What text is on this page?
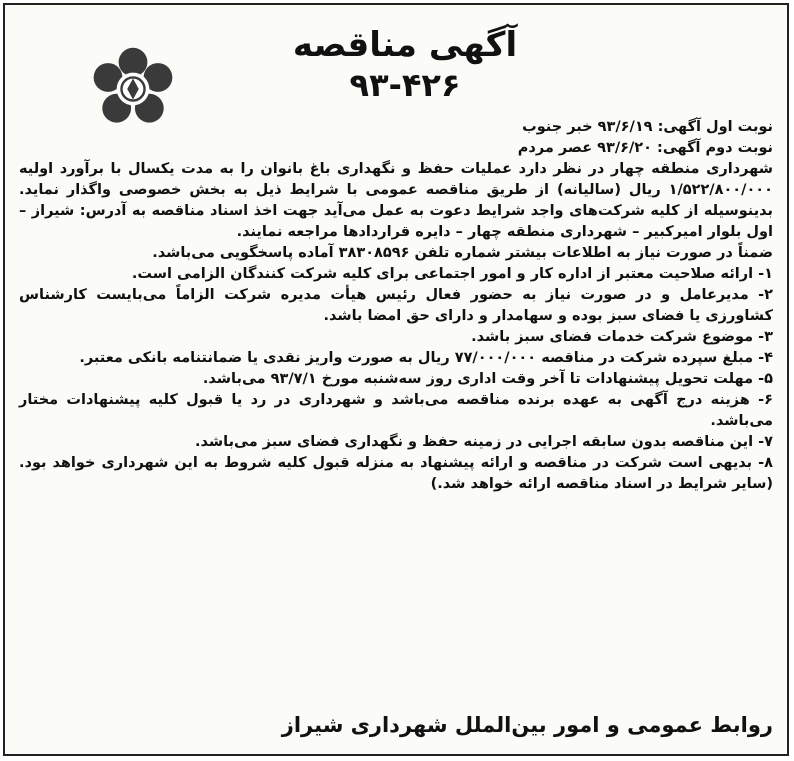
آگهی مناقصه
۹۳-۴۲۶

نوبت اول آگهی: ۹۳/۶/۱۹ خبر جنوب

نوبت دوم آگهی: ۹۳/۶/۲۰ عصر مردم

شهرداری منطقه چهار در نظر دارد عملیات حفظ و نگهداری باغ بانوان را به مدت یکسال با برآورد اولیه ۱/۵۲۲/۸۰۰/۰۰۰ ریال (سالیانه) از طریق مناقصه عمومی با شرایط ذیل به بخش خصوصی واگذار نماید. بدینوسیله از کلیه شرکت‌های واجد شرایط دعوت به عمل می‌آید جهت اخذ اسناد مناقصه به آدرس: شیراز – اول بلوار امیرکبیر – شهرداری منطقه چهار – دایره قراردادها مراجعه نمایند.

ضمناً در صورت نیاز به اطلاعات بیشتر شماره تلفن ۳۸۳۰۸۵۹۶ آماده پاسخگویی می‌باشد.

۱- ارائه صلاحیت معتبر از اداره کار و امور اجتماعی برای کلیه شرکت کنندگان الزامی است.

۲- مدیرعامل و در صورت نیاز به حضور فعال رئیس هیأت مدیره شرکت الزاماً می‌بایست کارشناس کشاورزی یا فضای سبز بوده و سهامدار و دارای حق امضا باشد.

۳- موضوع شرکت خدمات فضای سبز باشد.

۴- مبلغ سپرده شرکت در مناقصه ۷۷/۰۰۰/۰۰۰ ریال به صورت واریز نقدی یا ضمانتنامه بانکی معتبر.

۵- مهلت تحویل پیشنهادات تا آخر وقت اداری روز سه‌شنبه مورخ ۹۳/۷/۱ می‌باشد.

۶- هزینه درج آگهی به عهده برنده مناقصه می‌باشد و شهرداری در رد یا قبول کلیه پیشنهادات مختار می‌باشد.

۷- این مناقصه بدون سابقه اجرایی در زمینه حفظ و نگهداری فضای سبز می‌باشد.

۸- بدیهی است شرکت در مناقصه و ارائه پیشنهاد به منزله قبول کلیه شروط به این شهرداری خواهد بود. (سایر شرایط در اسناد مناقصه ارائه خواهد شد.)

روابط عمومی و امور بین‌الملل شهرداری شیراز
